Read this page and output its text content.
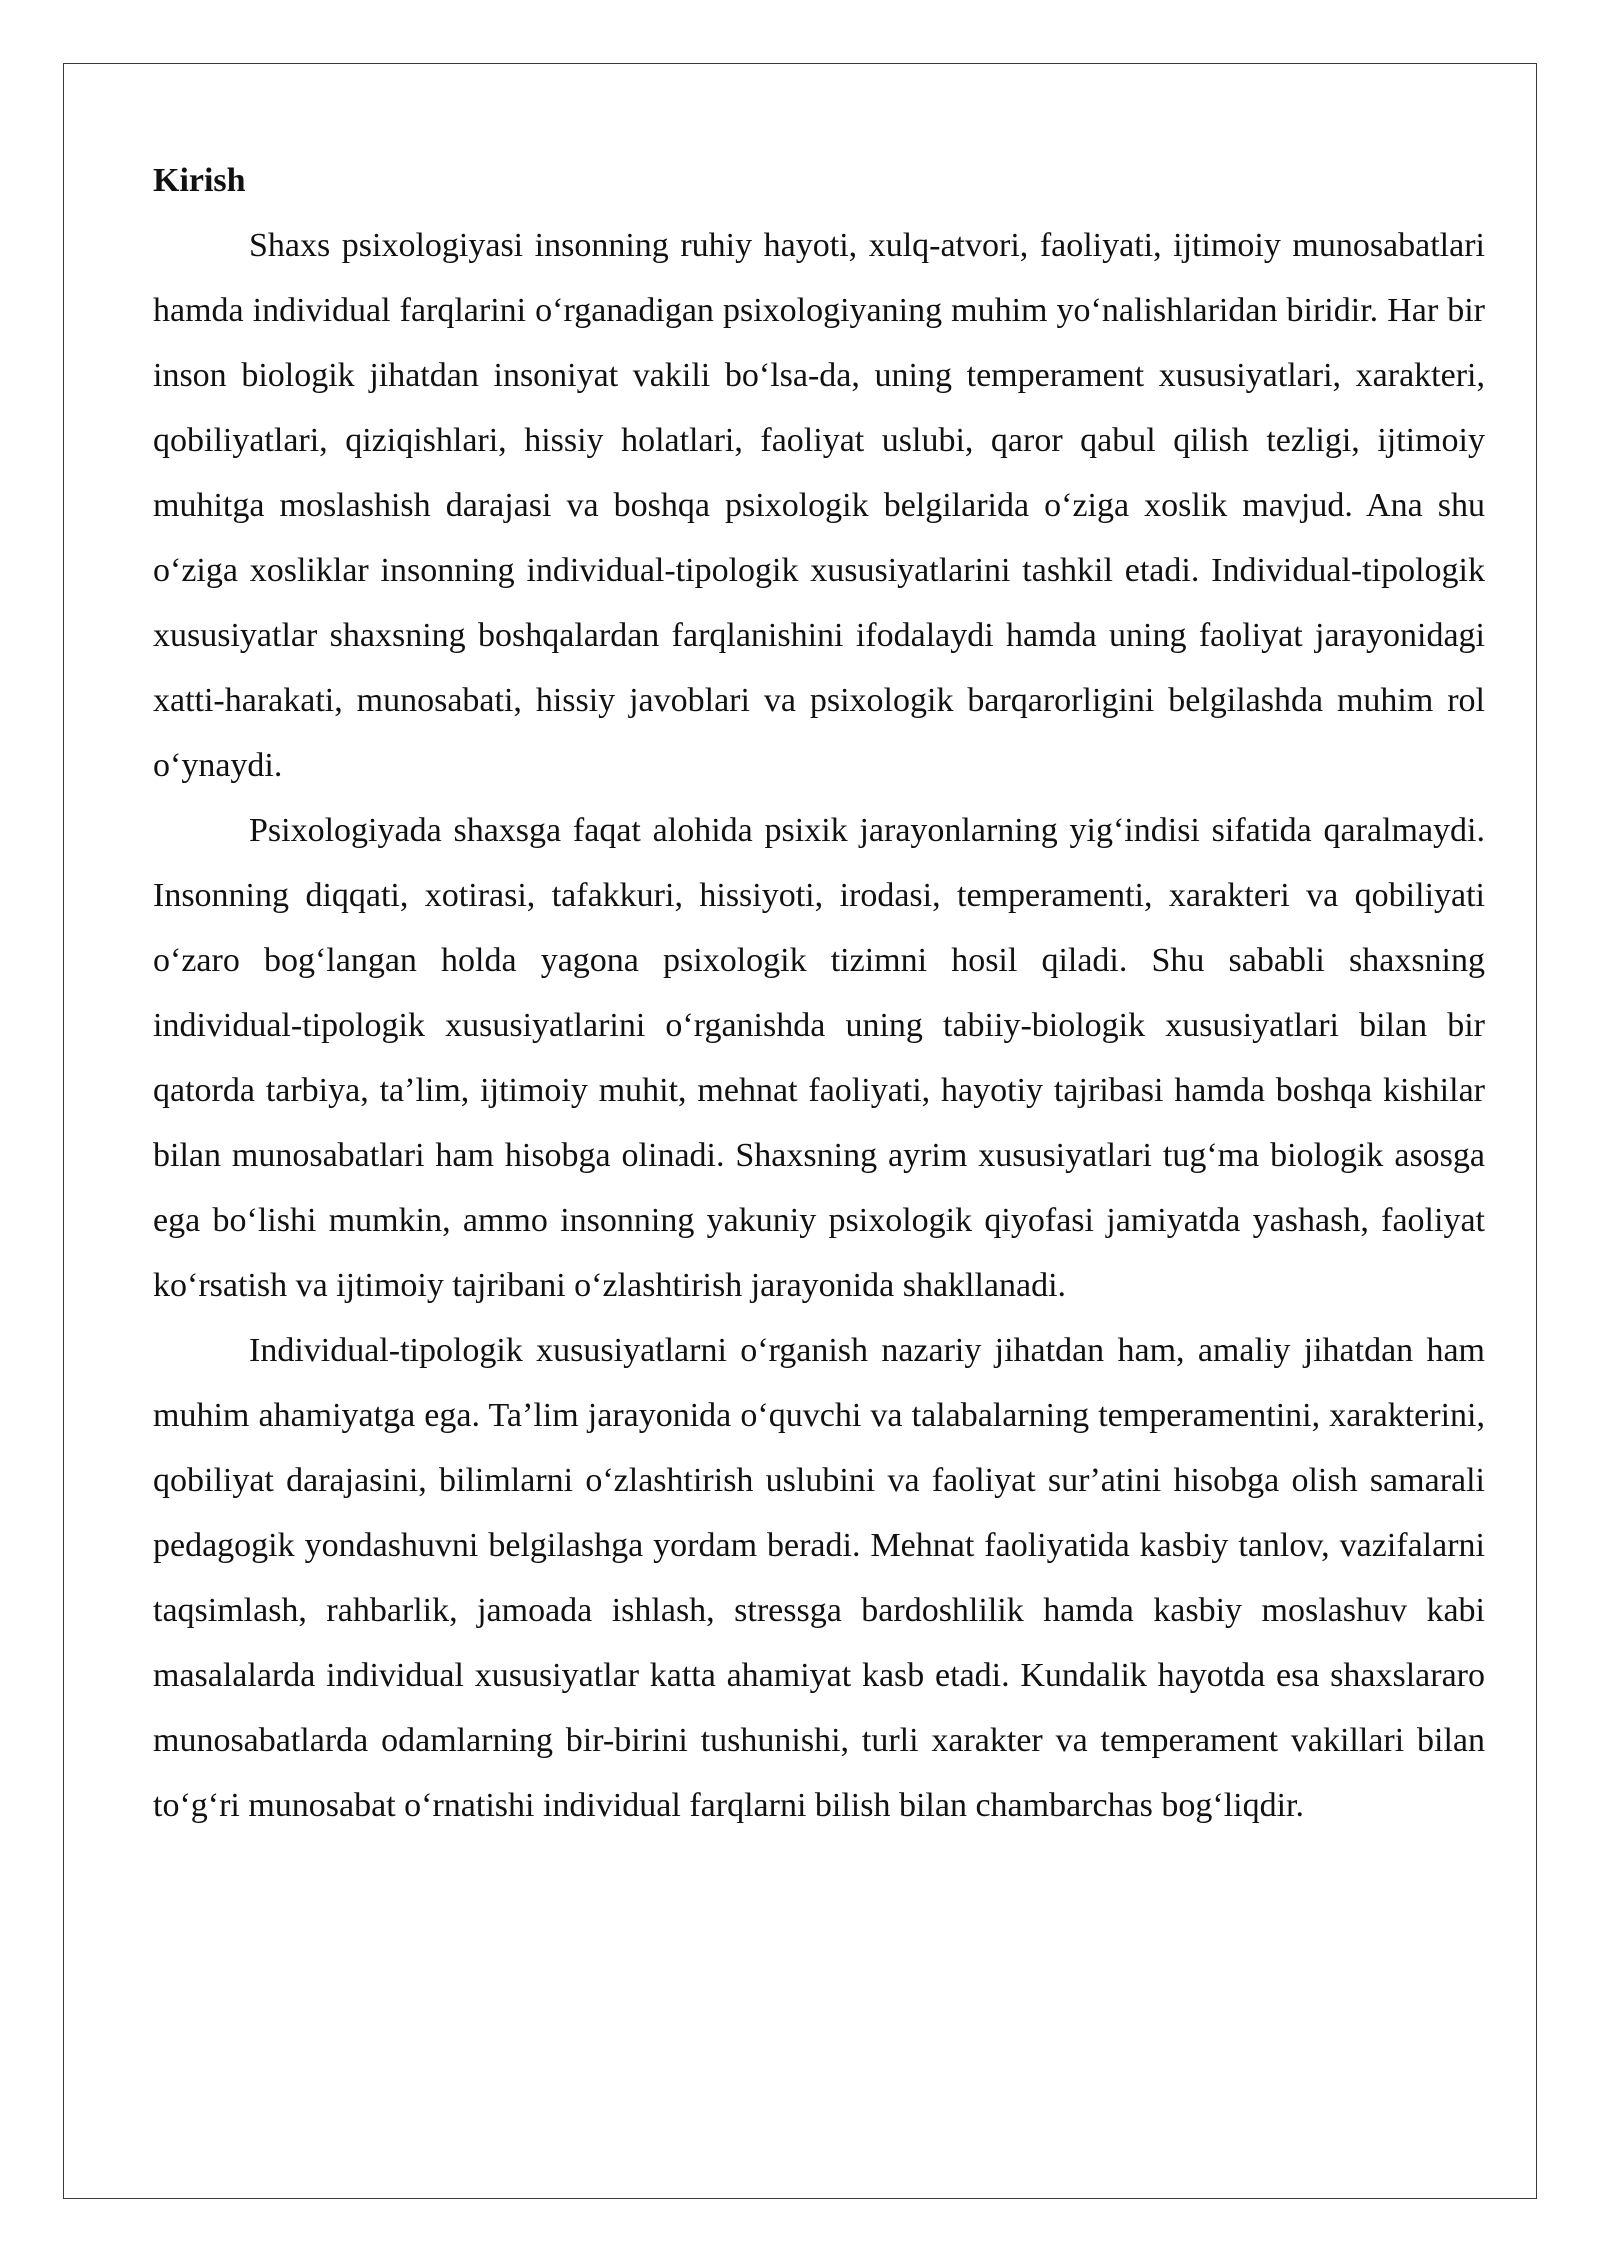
Kirish

Shaxs psixologiyasi insonning ruhiy hayoti, xulq-atvori, faoliyati, ijtimoiy munosabatlari hamda individual farqlarini oʻrganadigan psixologiyaning muhim yoʻnalishlaridan biridir. Har bir inson biologik jihatdan insoniyat vakili boʻlsa-da, uning temperament xususiyatlari, xarakteri, qobiliyatlari, qiziqishlari, hissiy holatlari, faoliyat uslubi, qaror qabul qilish tezligi, ijtimoiy muhitga moslashish darajasi va boshqa psixologik belgilarida oʻziga xoslik mavjud. Ana shu oʻziga xosliklar insonning individual-tipologik xususiyatlarini tashkil etadi. Individual-tipologik xususiyatlar shaxsning boshqalardan farqlanishini ifodalaydi hamda uning faoliyat jarayonidagi xatti-harakati, munosabati, hissiy javoblari va psixologik barqarorligini belgilashda muhim rol oʻynaydi.

Psixologiyada shaxsga faqat alohida psixik jarayonlarning yigʻindisi sifatida qaralmaydi. Insonning diqqati, xotirasi, tafakkuri, hissiyoti, irodasi, temperamenti, xarakteri va qobiliyati oʻzaro bogʻlangan holda yagona psixologik tizimni hosil qiladi. Shu sababli shaxsning individual-tipologik xususiyatlarini oʻrganishda uning tabiiy-biologik xususiyatlari bilan bir qatorda tarbiya, taʼlim, ijtimoiy muhit, mehnat faoliyati, hayotiy tajribasi hamda boshqa kishilar bilan munosabatlari ham hisobga olinadi. Shaxsning ayrim xususiyatlari tugʻma biologik asosga ega boʻlishi mumkin, ammo insonning yakuniy psixologik qiyofasi jamiyatda yashash, faoliyat koʻrsatish va ijtimoiy tajribani oʻzlashtirish jarayonida shakllanadi.

Individual-tipologik xususiyatlarni oʻrganish nazariy jihatdan ham, amaliy jihatdan ham muhim ahamiyatga ega. Taʼlim jarayonida oʻquvchi va talabalarning temperamentini, xarakterini, qobiliyat darajasini, bilimlarni oʻzlashtirish uslubini va faoliyat surʼatini hisobga olish samarali pedagogik yondashuvni belgilashga yordam beradi. Mehnat faoliyatida kasbiy tanlov, vazifalarni taqsimlash, rahbarlik, jamoada ishlash, stressga bardoshlilik hamda kasbiy moslashuv kabi masalalarda individual xususiyatlar katta ahamiyat kasb etadi. Kundalik hayotda esa shaxslararo munosabatlarda odamlarning bir-birini tushunishi, turli xarakter va temperament vakillari bilan toʻgʻri munosabat oʻrnatishi individual farqlarni bilish bilan chambarchas bogʻliqdir.
